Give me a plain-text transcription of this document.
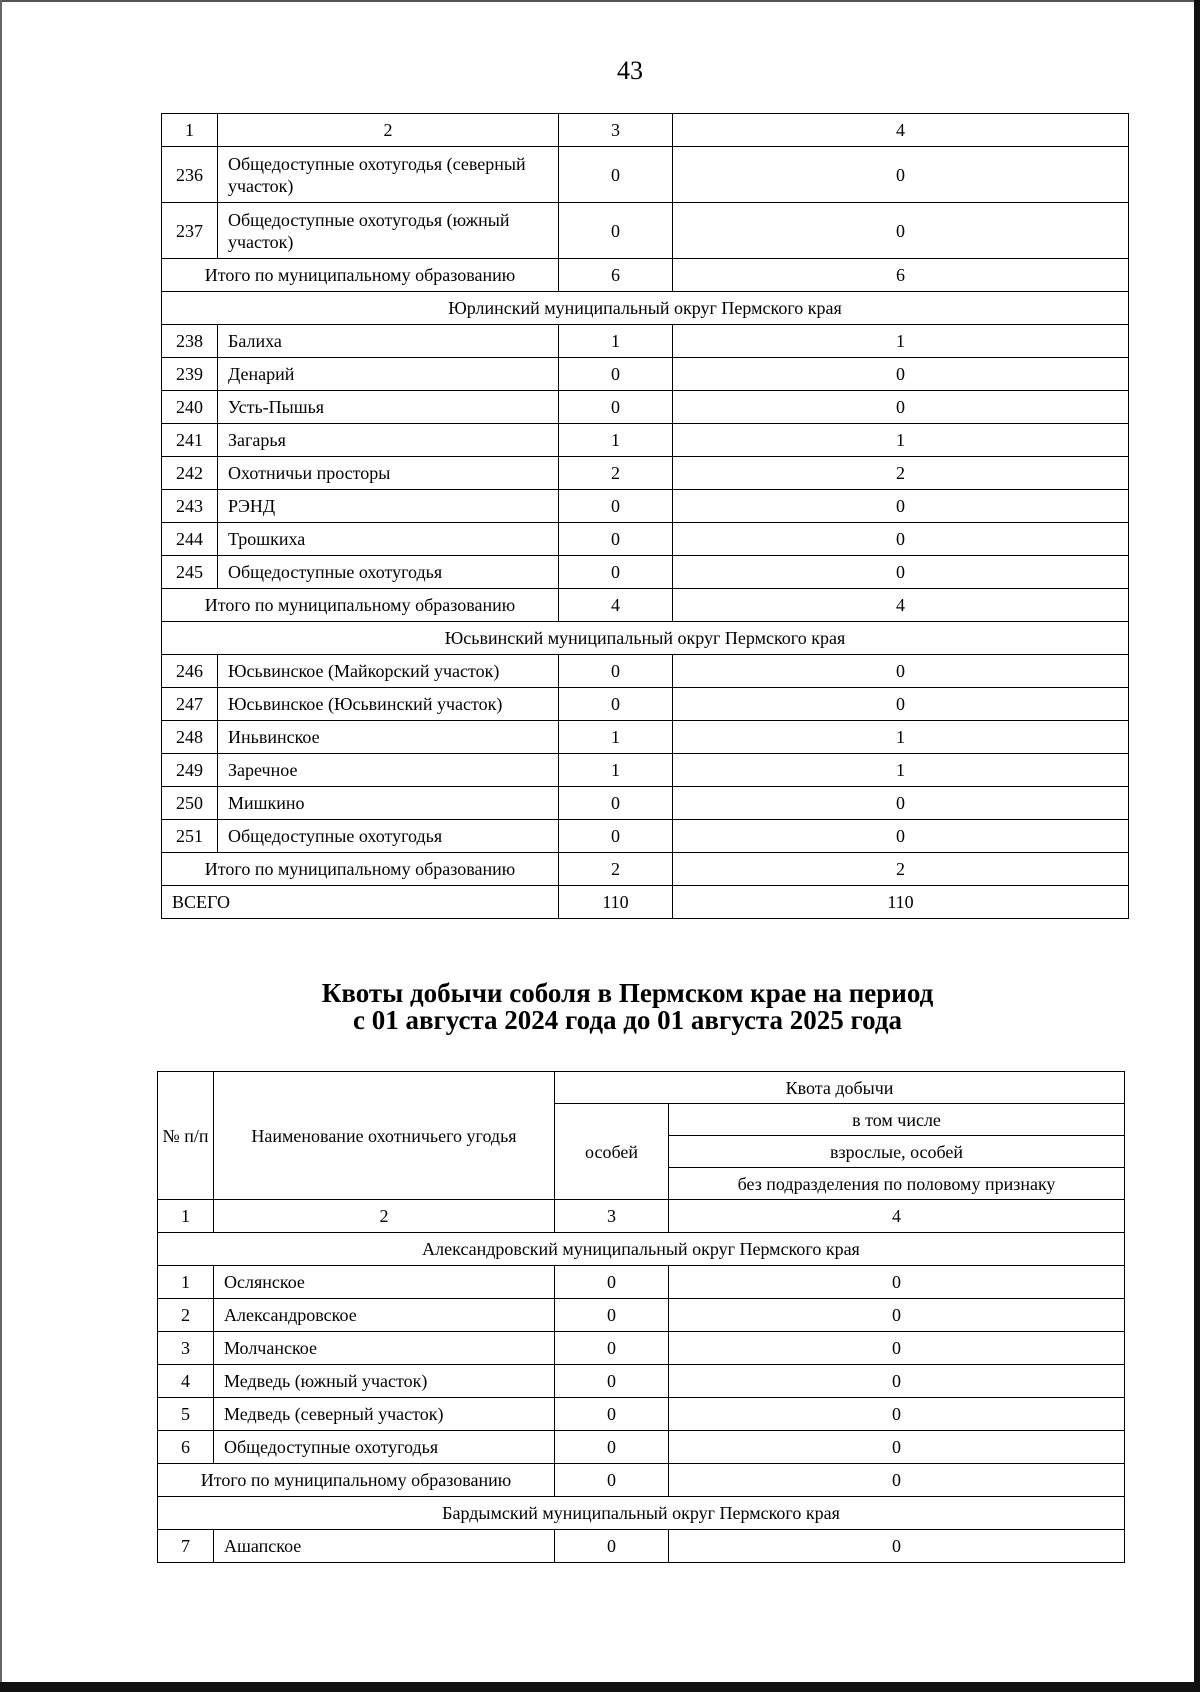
43
1	2	3	4
236	Общедоступные охотугодья (северный участок)	0	0
237	Общедоступные охотугодья (южный участок)	0	0
Итого по муниципальному образованию		6	6
Юрлинский муниципальный округ Пермского края			
238	Балиха	1	1
239	Денарий	0	0
240	Усть-Пышья	0	0
241	Загарья	1	1
242	Охотничьи просторы	2	2
243	РЭНД	0	0
244	Трошкиха	0	0
245	Общедоступные охотугодья	0	0
Итого по муниципальному образованию		4	4
Юсьвинский муниципальный округ Пермского края			
246	Юсьвинское (Майкорский участок)	0	0
247	Юсьвинское (Юсьвинский участок)	0	0
248	Иньвинское	1	1
249	Заречное	1	1
250	Мишкино	0	0
251	Общедоступные охотугодья	0	0
Итого по муниципальному образованию		2	2
ВСЕГО		110	110
Квоты добычи соболя в Пермском крае на период
с 01 августа 2024 года до 01 августа 2025 года
№ п/п	Наименование охотничьего угодья	Квота добычи	
		особей	в том числе
			взрослые, особей
			без подразделения по половому признаку
1	2	3	4
Александровский муниципальный округ Пермского края			
1	Ослянское	0	0
2	Александровское	0	0
3	Молчанское	0	0
4	Медведь (южный участок)	0	0
5	Медведь (северный участок)	0	0
6	Общедоступные охотугодья	0	0
Итого по муниципальному образованию		0	0
Бардымский муниципальный округ Пермского края			
7	Ашапское	0	0
